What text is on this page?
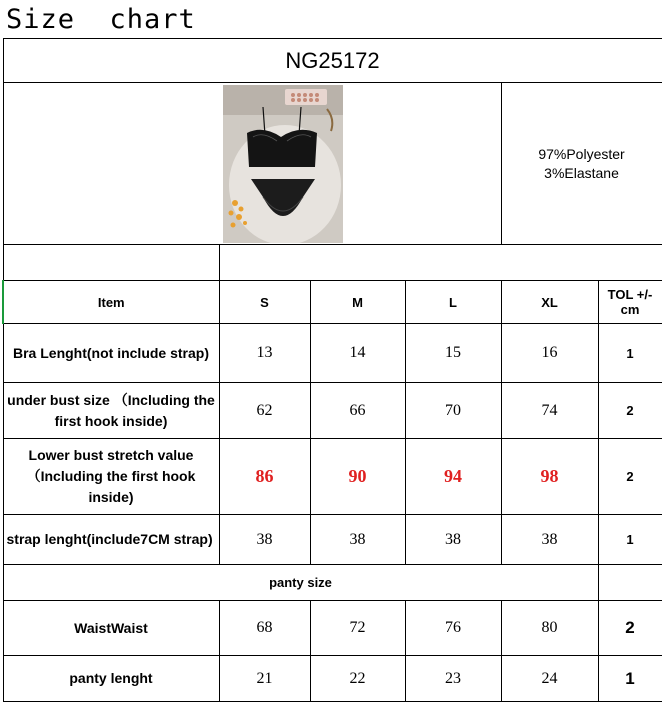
Size  chart
NG25172					

97%Polyester
3%Elastane	

Item	S	M	L	XL	TOL +/-cm
Bra Lenght(not include strap)	13	14	15	16	1
under bust size （Including the first hook inside)	62	66	70	74	2
Lower bust stretch value （Including the first hook inside)	86	90	94	98	2
strap lenght(include7CM strap)	38	38	38	38	1
panty size					
WaistWaist	68	72	76	80	2
panty lenght	21	22	23	24	1
